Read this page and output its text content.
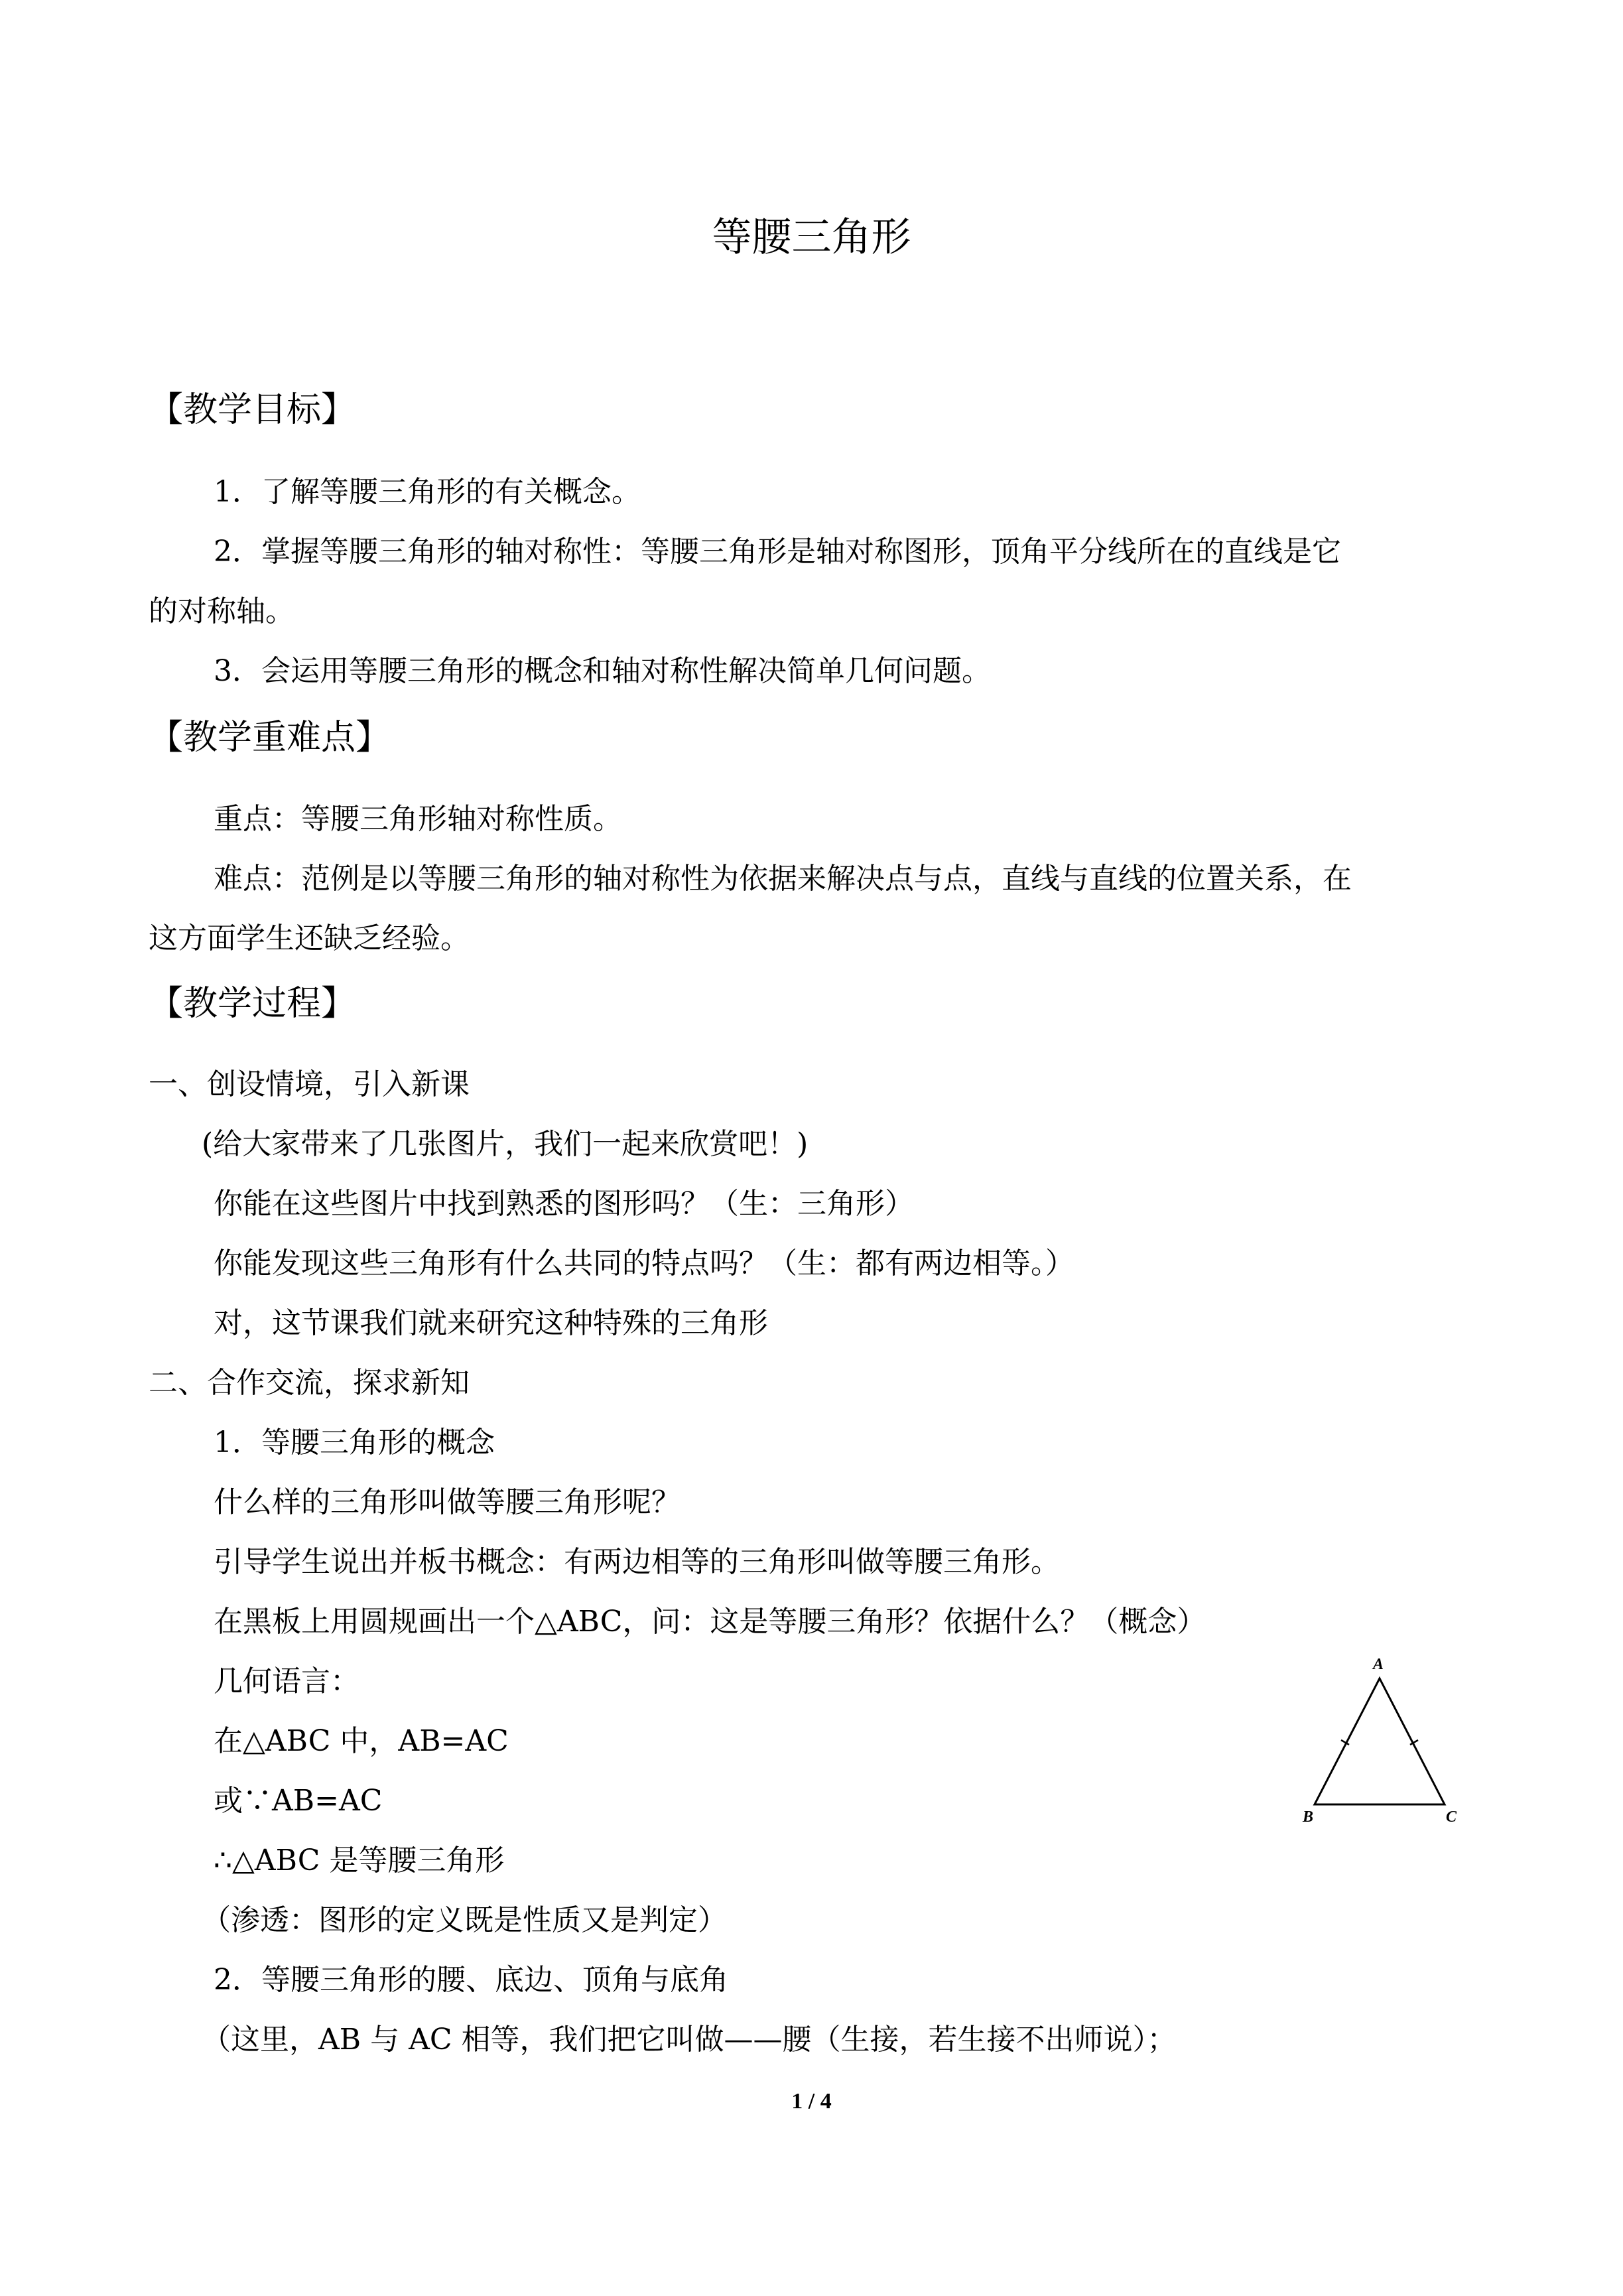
等腰三角形
【教学目标】
1．了解等腰三角形的有关概念。
2．掌握等腰三角形的轴对称性：等腰三角形是轴对称图形，顶角平分线所在的直线是它
的对称轴。
3．会运用等腰三角形的概念和轴对称性解决简单几何问题。
【教学重难点】
重点：等腰三角形轴对称性质。
难点：范例是以等腰三角形的轴对称性为依据来解决点与点，直线与直线的位置关系，在
这方面学生还缺乏经验。
【教学过程】
一、创设情境，引入新课
(给大家带来了几张图片，我们一起来欣赏吧！)
你能在这些图片中找到熟悉的图形吗？（生：三角形）
你能发现这些三角形有什么共同的特点吗？（生：都有两边相等。）
对，这节课我们就来研究这种特殊的三角形
二、合作交流，探求新知
1．等腰三角形的概念
什么样的三角形叫做等腰三角形呢？
引导学生说出并板书概念：有两边相等的三角形叫做等腰三角形。
在黑板上用圆规画出一个△ABC，问：这是等腰三角形？依据什么？（概念）
几何语言：
在△ABC 中，AB=AC
或∵AB=AC
∴△ABC 是等腰三角形
（渗透：图形的定义既是性质又是判定）
2．等腰三角形的腰、底边、顶角与底角
（这里，AB 与 AC 相等，我们把它叫做——腰（生接，若生接不出师说）；
A
B	C
1 / 4
